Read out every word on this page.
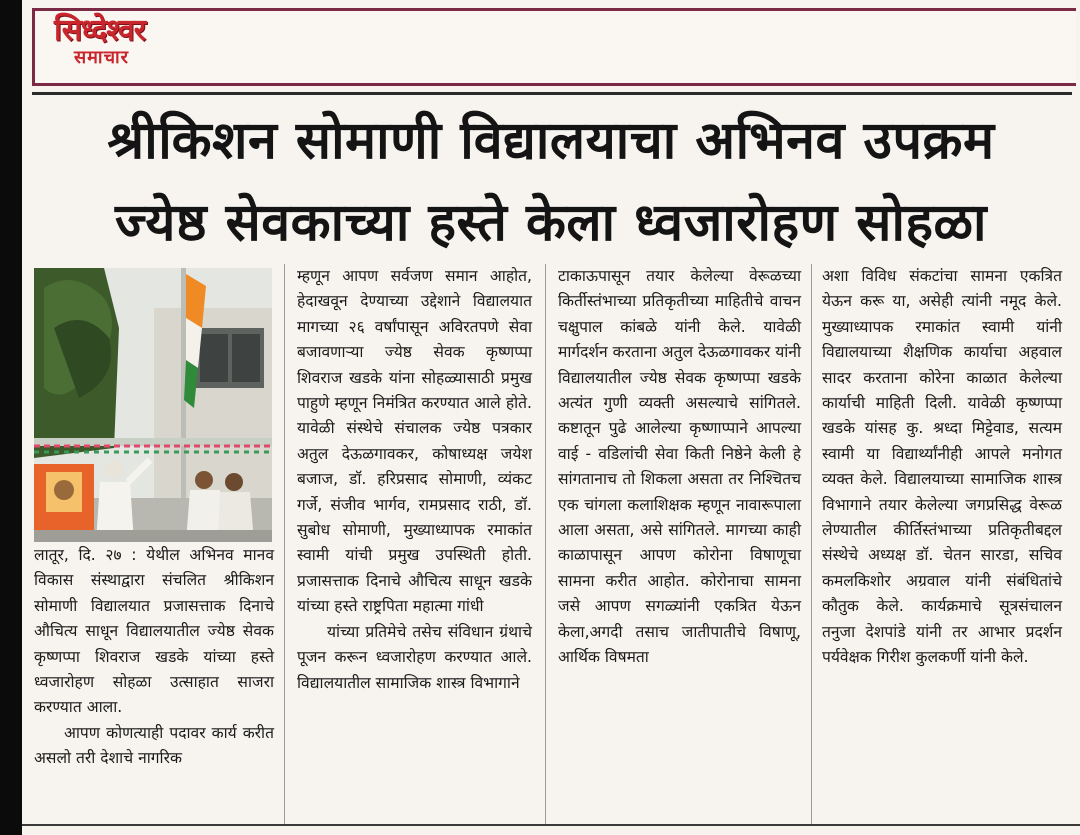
सिध्देश्वर
समाचार
श्रीकिशन सोमाणी विद्यालयाचा अभिनव उपक्रम
ज्येष्ठ सेवकाच्या हस्ते केला ध्वजारोहण सोहळा

लातूर, दि. २७ : येथील अभिनव मानव विकास संस्थाद्वारा संचलित श्रीकिशन सोमाणी विद्यालयात प्रजासत्ताक दिनाचे औचित्य साधून विद्यालयातील ज्येष्ठ सेवक कृष्णप्पा शिवराज खडके यांच्या हस्ते ध्वजारोहण सोहळा उत्साहात साजरा करण्यात आला.

आपण कोणत्याही पदावर कार्य करीत असलो तरी देशाचे नागरिक

म्हणून आपण सर्वजण समान आहोत, हेदाखवून देण्याच्या उद्देशाने विद्यालयात मागच्या २६ वर्षांपासून अविरतपणे सेवा बजावणाऱ्या ज्येष्ठ सेवक कृष्णप्पा शिवराज खडके यांना सोहळ्यासाठी प्रमुख पाहुणे म्हणून निमंत्रित करण्यात आले होते. यावेळी संस्थेचे संचालक ज्येष्ठ पत्रकार अतुल देऊळगावकर, कोषाध्यक्ष जयेश बजाज, डॉ. हरिप्रसाद सोमाणी, व्यंकट गर्जे, संजीव भार्गव, रामप्रसाद राठी, डॉ. सुबोध सोमाणी, मुख्याध्यापक रमाकांत स्वामी यांची प्रमुख उपस्थिती होती. प्रजासत्ताक दिनाचे औचित्य साधून खडके यांच्या हस्ते राष्ट्रपिता महात्मा गांधी

यांच्या प्रतिमेचे तसेच संविधान ग्रंथाचे पूजन करून ध्वजारोहण करण्यात आले. विद्यालयातील सामाजिक शास्त्र विभागाने

टाकाऊपासून तयार केलेल्या वेरूळच्या किर्तीस्तंभाच्या प्रतिकृतीच्या माहितीचे वाचन चक्षुपाल कांबळे यांनी केले. यावेळी मार्गदर्शन करताना अतुल देऊळगावकर यांनी विद्यालयातील ज्येष्ठ सेवक कृष्णप्पा खडके अत्यंत गुणी व्यक्ती असल्याचे सांगितले. कष्टातून पुढे आलेल्या कृष्णाप्पाने आपल्या वाई - वडिलांची सेवा किती निष्ठेने केली हे सांगतानाच तो शिकला असता तर निश्चितच एक चांगला कलाशिक्षक म्हणून नावारूपाला आला असता, असे सांगितले. मागच्या काही काळापासून आपण कोरोना विषाणूचा सामना करीत आहोत. कोरोनाचा सामना जसे आपण सगळ्यांनी एकत्रित येऊन केला,अगदी तसाच जातीपातीचे विषाणू, आर्थिक विषमता

अशा विविध संकटांचा सामना एकत्रित येऊन करू या, असेही त्यांनी नमूद केले. मुख्याध्यापक रमाकांत स्वामी यांनी विद्यालयाच्या शैक्षणिक कार्याचा अहवाल सादर करताना कोरेना काळात केलेल्या कार्याची माहिती दिली. यावेळी कृष्णप्पा खडके यांसह कु. श्रध्दा मिट्टेवाड, सत्यम स्वामी या विद्यार्थ्यांनीही आपले मनोगत व्यक्त केले. विद्यालयाच्या सामाजिक शास्त्र विभागाने तयार केलेल्या जगप्रसिद्ध वेरूळ लेण्यातील कीर्तिस्तंभाच्या प्रतिकृतीबद्दल संस्थेचे अध्यक्ष डॉ. चेतन सारडा, सचिव कमलकिशोर अग्रवाल यांनी संबंधितांचे कौतुक केले. कार्यक्रमाचे सूत्रसंचालन तनुजा देशपांडे यांनी तर आभार प्रदर्शन पर्यवेक्षक गिरीश कुलकर्णी यांनी केले.
